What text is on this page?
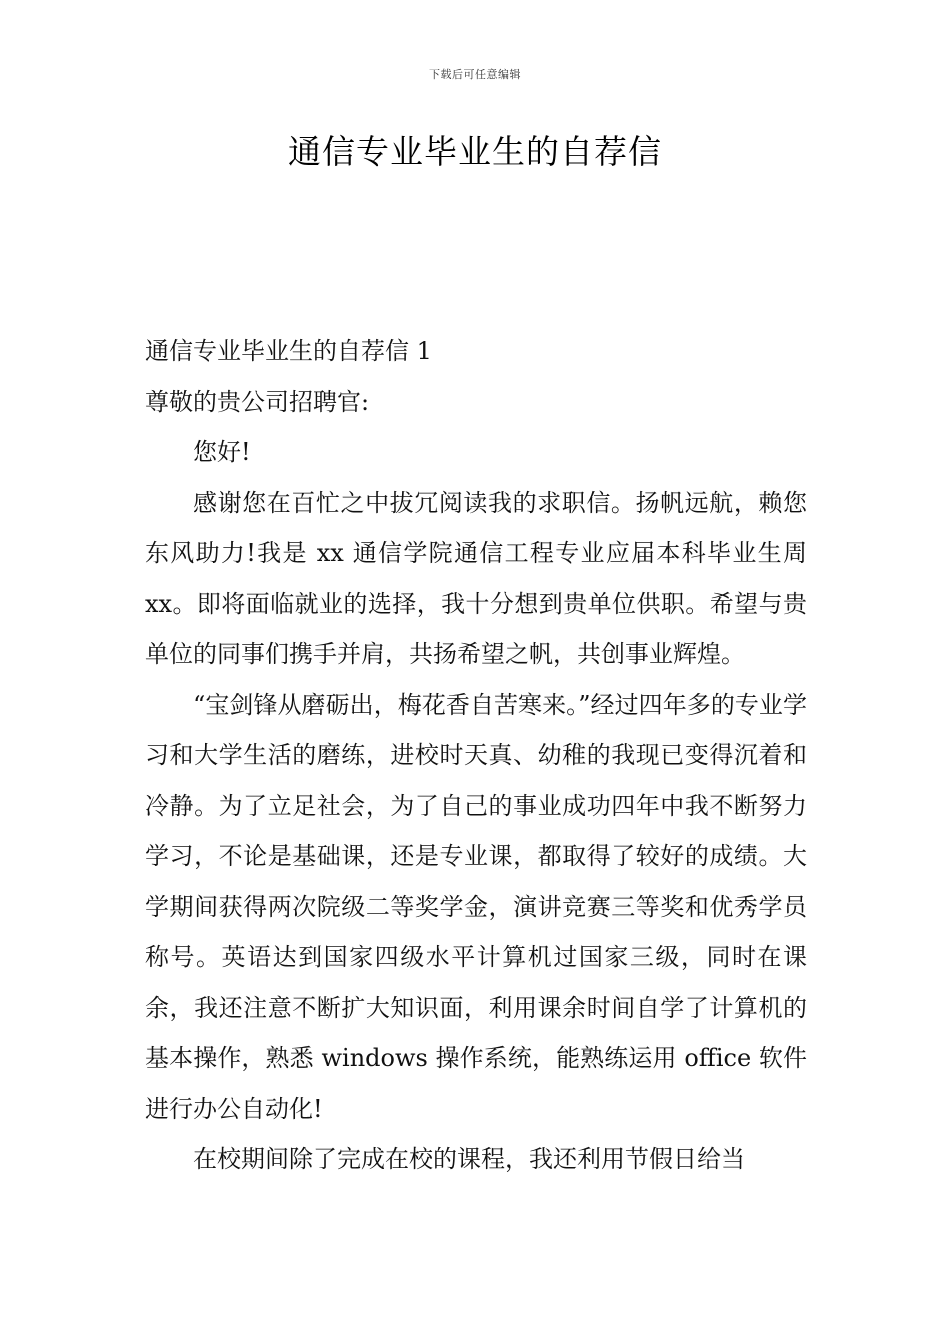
下载后可任意编辑
通信专业毕业生的自荐信

通信专业毕业生的自荐信 1

尊敬的贵公司招聘官:

您好!

感谢您在百忙之中拔冗阅读我的求职信。扬帆远航，赖您东风助力!我是 xx 通信学院通信工程专业应届本科毕业生周 xx。即将面临就业的选择，我十分想到贵单位供职。希望与贵单位的同事们携手并肩，共扬希望之帆，共创事业辉煌。

“宝剑锋从磨砺出，梅花香自苦寒来。”经过四年多的专业学习和大学生活的磨练，进校时天真、幼稚的我现已变得沉着和冷静。为了立足社会，为了自己的事业成功四年中我不断努力学习，不论是基础课，还是专业课，都取得了较好的成绩。大学期间获得两次院级二等奖学金，演讲竞赛三等奖和优秀学员称号。英语达到国家四级水平计算机过国家三级，同时在课余，我还注意不断扩大知识面，利用课余时间自学了计算机的基本操作，熟悉 windows 操作系统，能熟练运用 office 软件进行办公自动化!

在校期间除了完成在校的课程，我还利用节假日给当
